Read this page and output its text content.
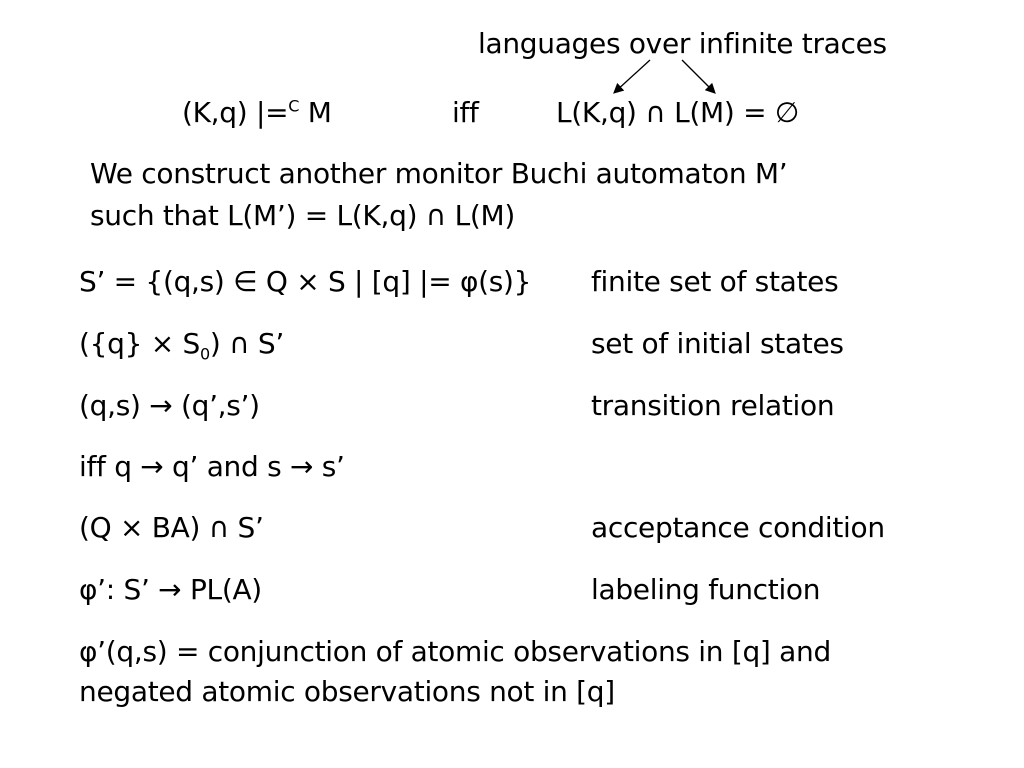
languages over infinite traces
(K,q) |=$^C$ M	iff	L(K,q) ∩ L(M) = ∅
We construct another monitor Buchi automaton M’
such that L(M’) = L(K,q) ∩ L(M)
S’ = {(q,s) ∈ Q × S | [q] |= φ(s)} finite set of states
$(\{q\} \times S_0)$ ∩ S’	set of initial states
(q,s) → (q’,s’)	transition relation
iff q → q’ and s → s’
(Q × BA) ∩ S’	acceptance condition
φ’: S’ → PL(A)	labeling function
φ’(q,s) = conjunction of atomic observations in [q] and
negated atomic observations not in [q]
